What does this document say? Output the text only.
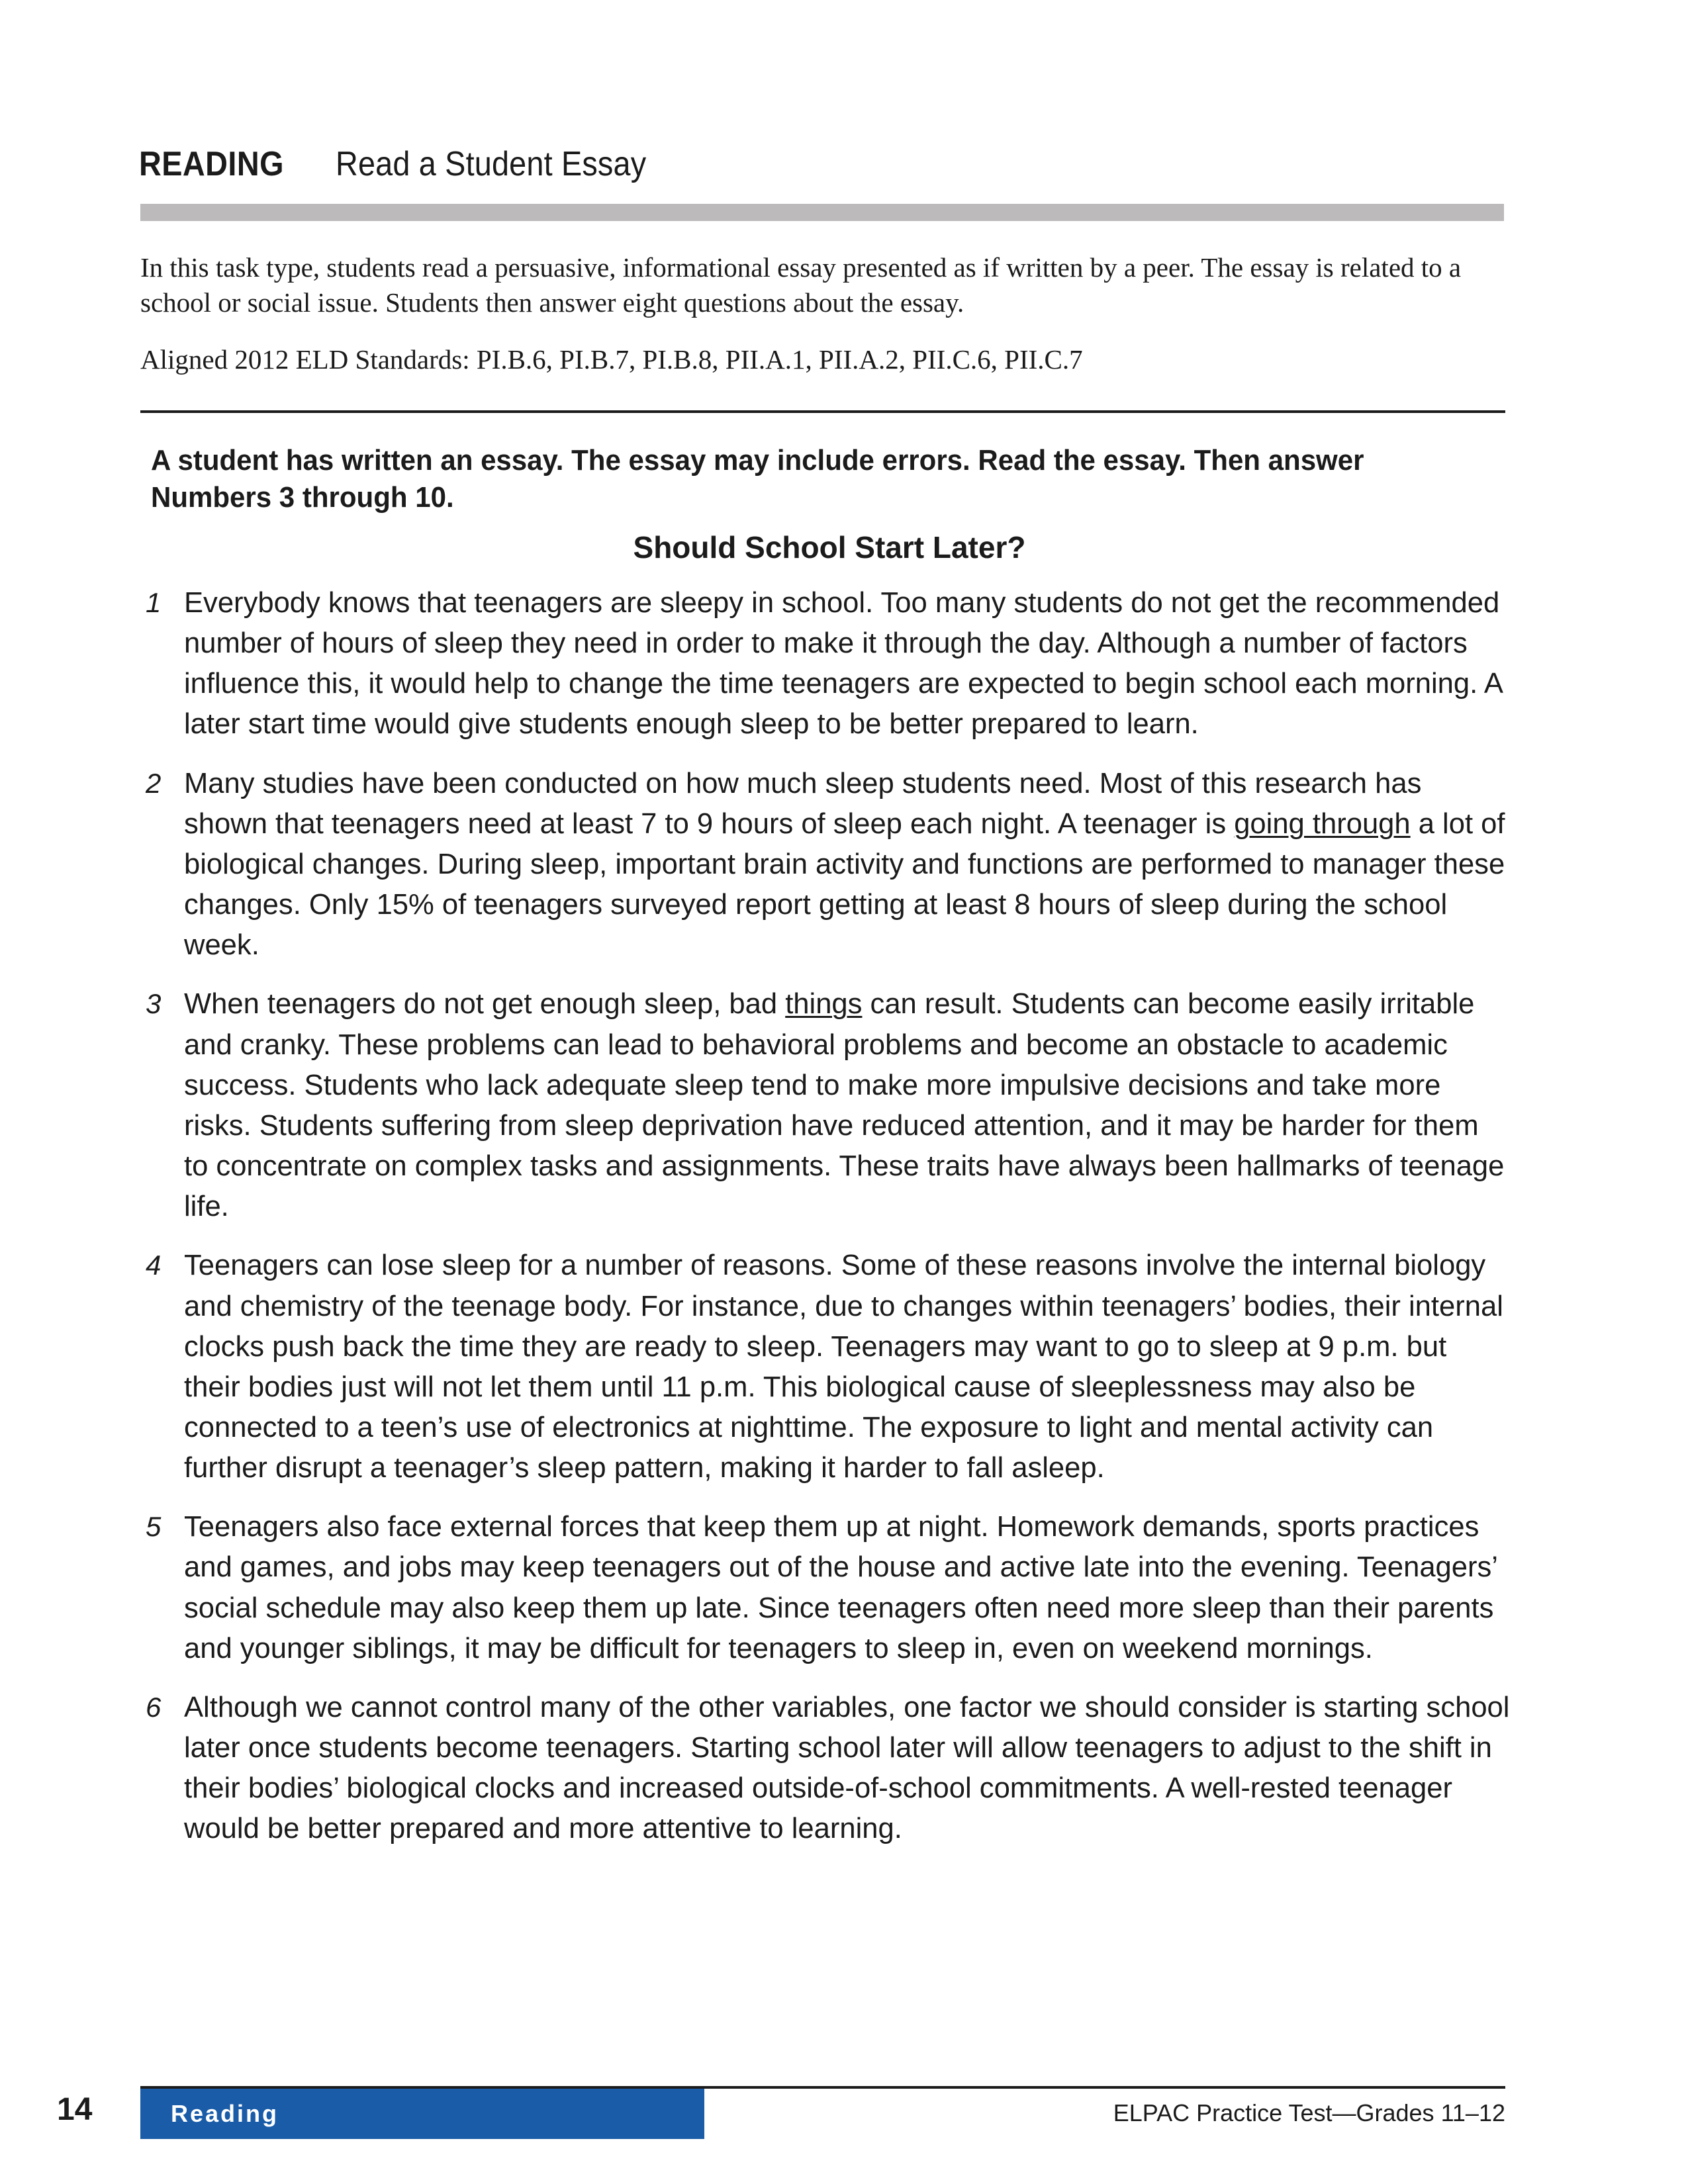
READING Read a Student Essay

In this task type, students read a persuasive, informational essay presented as if written by a peer. The essay is related to a school or social issue. Students then answer eight questions about the essay.

Aligned 2012 ELD Standards: PI.B.6, PI.B.7, PI.B.8, PII.A.1, PII.A.2, PII.C.6, PII.C.7

A student has written an essay. The essay may include errors. Read the essay. Then answer Numbers 3 through 10.
Should School Start Later?
1 Everybody knows that teenagers are sleepy in school. Too many students do not get the recommended number of hours of sleep they need in order to make it through the day. Although a number of factors influence this, it would help to change the time teenagers are expected to begin school each morning. A later start time would give students enough sleep to be better prepared to learn.
2 Many studies have been conducted on how much sleep students need. Most of this research has shown that teenagers need at least 7 to 9 hours of sleep each night. A teenager is going through a lot of biological changes. During sleep, important brain activity and functions are performed to manager these changes. Only 15% of teenagers surveyed report getting at least 8 hours of sleep during the school week.
3 When teenagers do not get enough sleep, bad things can result. Students can become easily irritable and cranky. These problems can lead to behavioral problems and become an obstacle to academic success. Students who lack adequate sleep tend to make more impulsive decisions and take more risks. Students suffering from sleep deprivation have reduced attention, and it may be harder for them to concentrate on complex tasks and assignments. These traits have always been hallmarks of teenage life.
4 Teenagers can lose sleep for a number of reasons. Some of these reasons involve the internal biology and chemistry of the teenage body. For instance, due to changes within teenagers’ bodies, their internal clocks push back the time they are ready to sleep. Teenagers may want to go to sleep at 9 p.m. but their bodies just will not let them until 11 p.m. This biological cause of sleeplessness may also be connected to a teen’s use of electronics at nighttime. The exposure to light and mental activity can further disrupt a teenager’s sleep pattern, making it harder to fall asleep.
5 Teenagers also face external forces that keep them up at night. Homework demands, sports practices and games, and jobs may keep teenagers out of the house and active late into the evening. Teenagers’ social schedule may also keep them up late. Since teenagers often need more sleep than their parents and younger siblings, it may be difficult for teenagers to sleep in, even on weekend mornings.
6 Although we cannot control many of the other variables, one factor we should consider is starting school later once students become teenagers. Starting school later will allow teenagers to adjust to the shift in their bodies’ biological clocks and increased outside-of-school commitments. A well-rested teenager would be better prepared and more attentive to learning.
14	Reading	ELPAC Practice Test—Grades 11–12
